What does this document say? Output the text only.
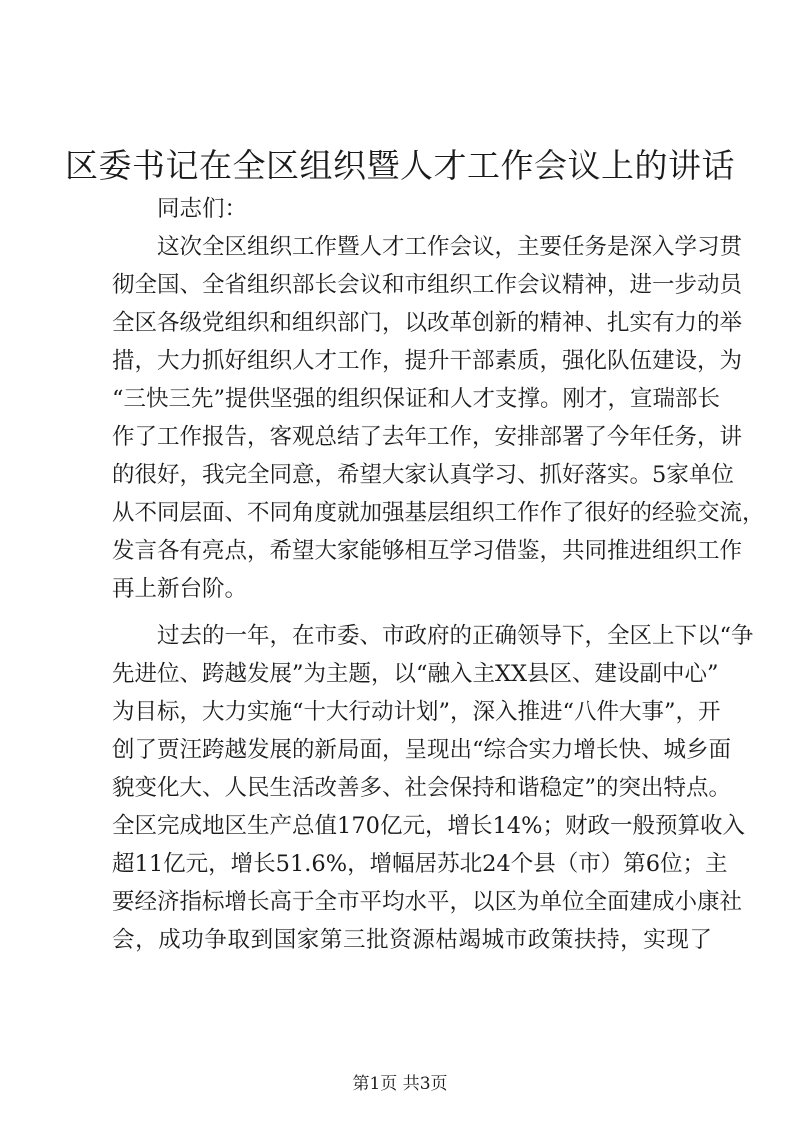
区委书记在全区组织暨人才工作会议上的讲话
同志们：
这次全区组织工作暨人才工作会议，主要任务是深入学习贯
彻全国、全省组织部长会议和市组织工作会议精神，进一步动员
全区各级党组织和组织部门，以改革创新的精神、扎实有力的举
措，大力抓好组织人才工作，提升干部素质，强化队伍建设，为
“三快三先”提供坚强的组织保证和人才支撑。刚才，宣瑞部长
作了工作报告，客观总结了去年工作，安排部署了今年任务，讲
的很好，我完全同意，希望大家认真学习、抓好落实。5家单位
从不同层面、不同角度就加强基层组织工作作了很好的经验交流，
发言各有亮点，希望大家能够相互学习借鉴，共同推进组织工作
再上新台阶。
过去的一年，在市委、市政府的正确领导下，全区上下以“争
先进位、跨越发展”为主题，以“融入主XX县区、建设副中心”
为目标，大力实施“十大行动计划”，深入推进“八件大事”，开
创了贾汪跨越发展的新局面，呈现出“综合实力增长快、城乡面
貌变化大、人民生活改善多、社会保持和谐稳定”的突出特点。
全区完成地区生产总值170亿元，增长14%；财政一般预算收入
超11亿元，增长51.6%，增幅居苏北24个县（市）第6位；主
要经济指标增长高于全市平均水平，以区为单位全面建成小康社
会，成功争取到国家第三批资源枯竭城市政策扶持，实现了
第1页 共3页
